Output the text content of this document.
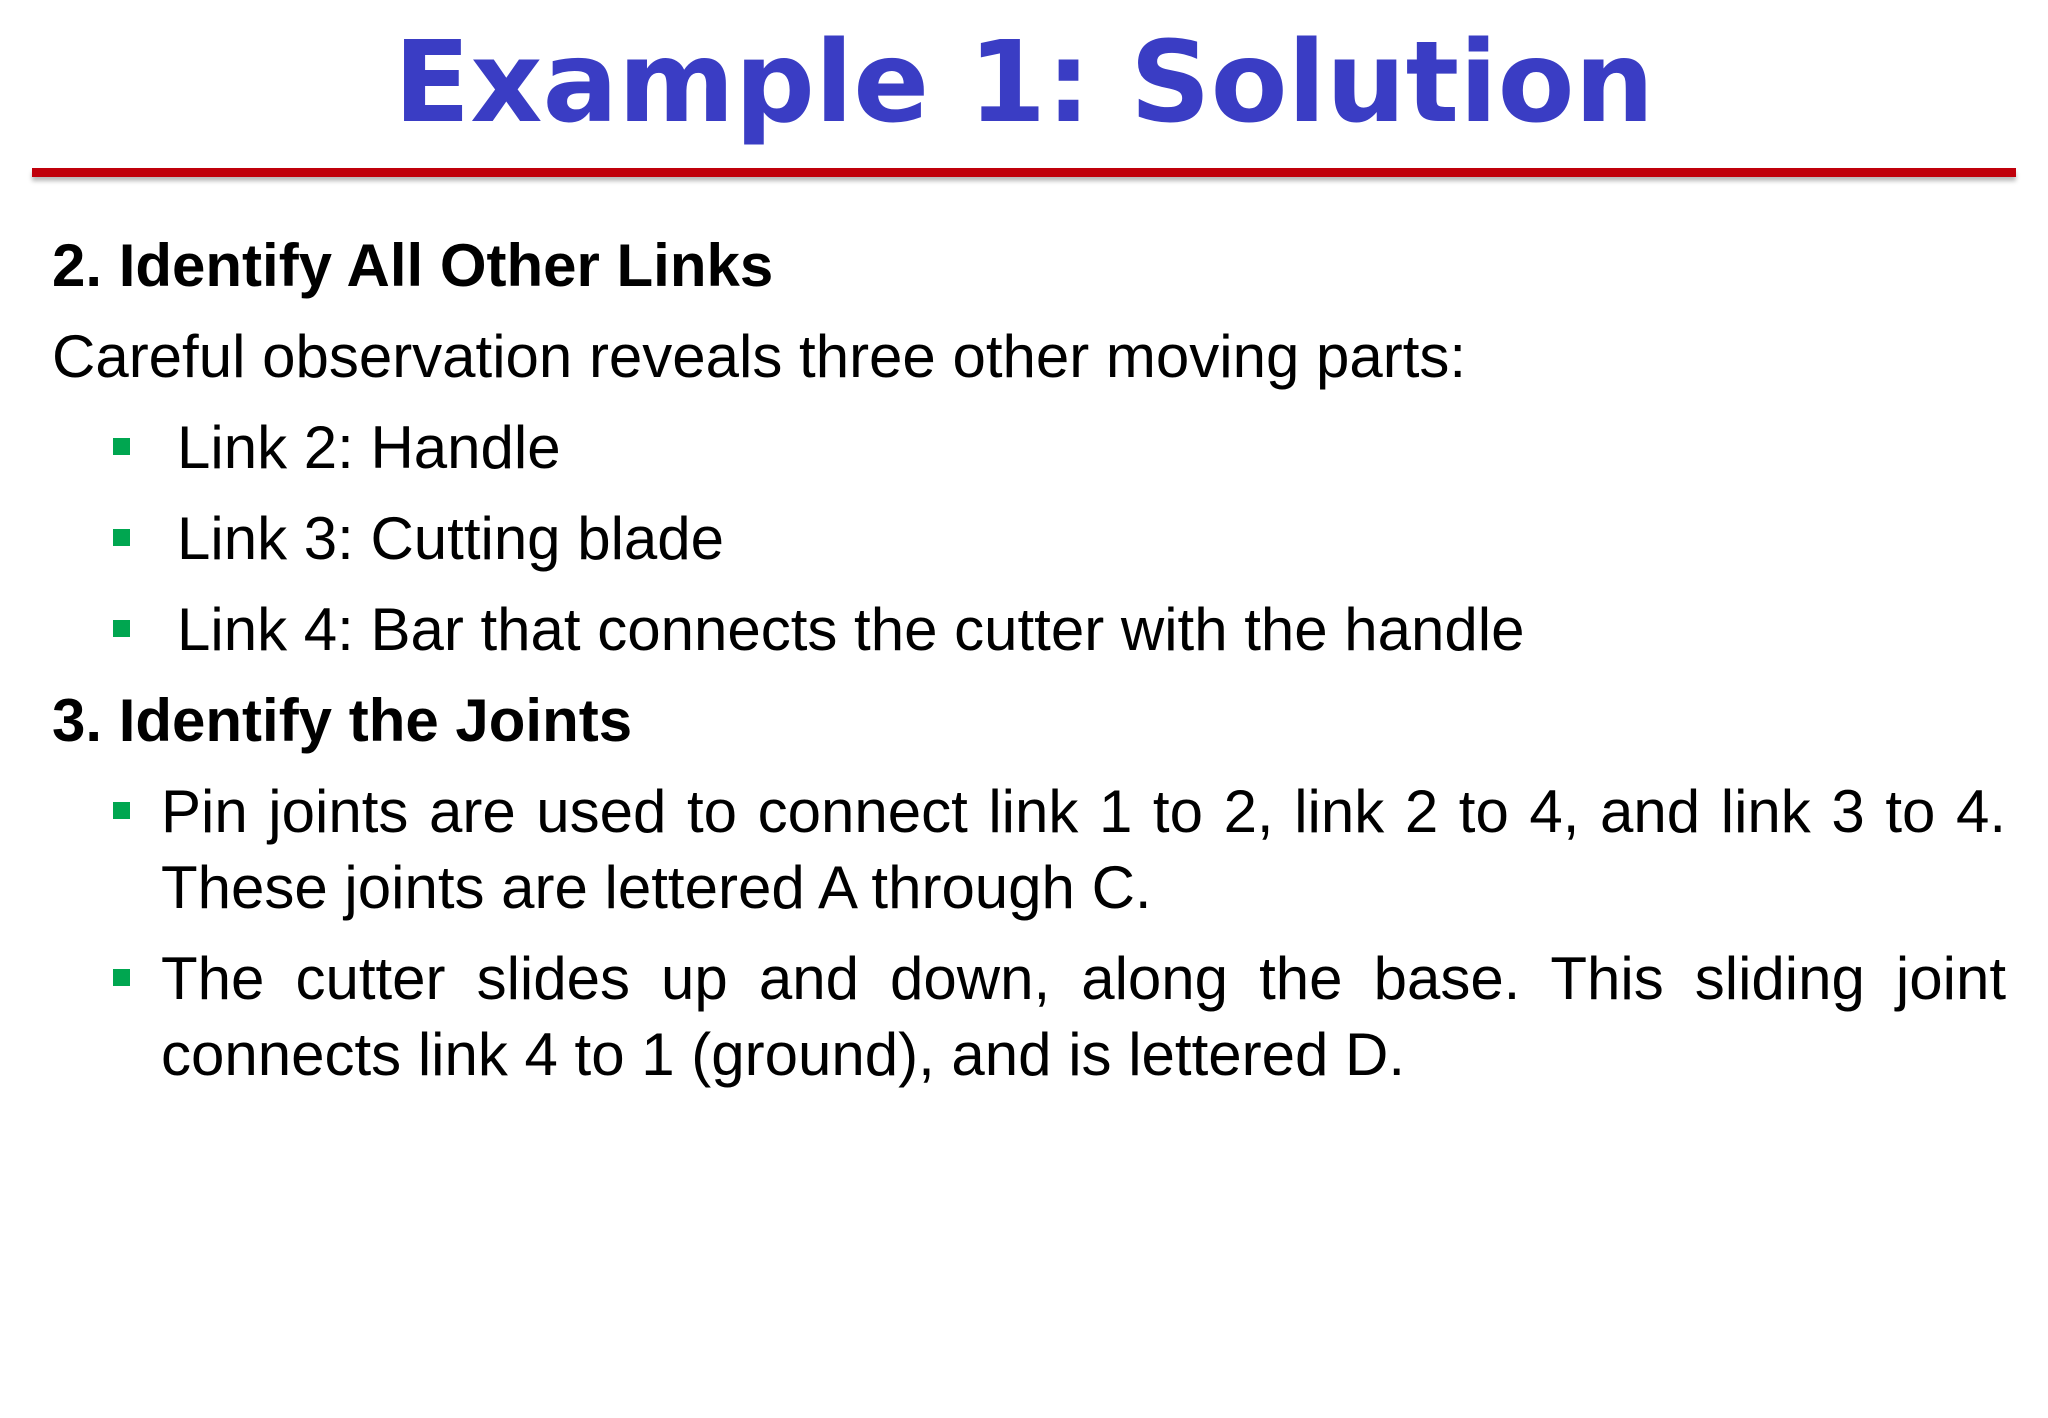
Example 1: Solution
2. Identify All Other Links
Careful observation reveals three other moving parts:
Link 2: Handle
Link 3: Cutting blade
Link 4: Bar that connects the cutter with the handle
3. Identify the Joints
Pin joints are used to connect link 1 to 2, link 2 to 4, and link 3 to 4. These joints are lettered A through C.
The cutter slides up and down, along the base. This sliding joint connects link 4 to 1 (ground), and is lettered D.
